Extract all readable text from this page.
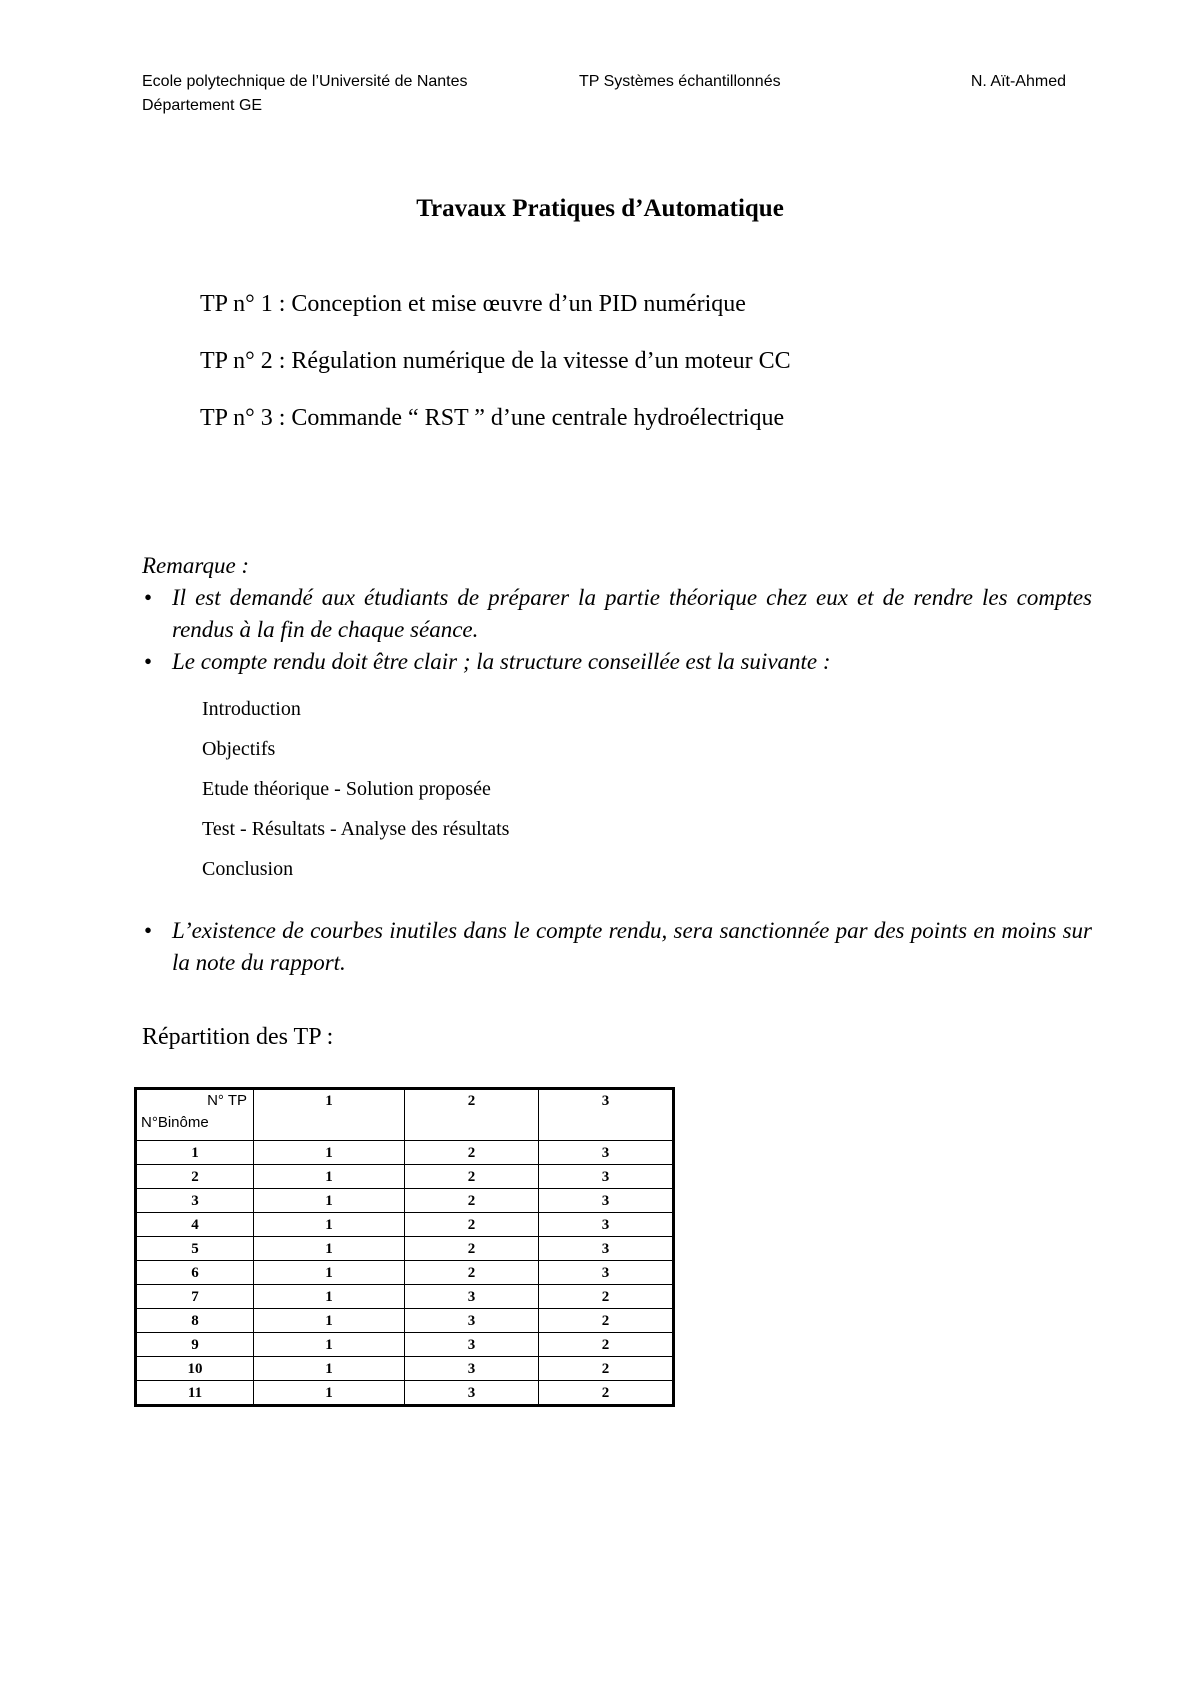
Ecole polytechnique de l’Université de Nantes	TP Systèmes échantillonnés	N. Aït-Ahmed
Département GE
Travaux Pratiques d’Automatique
TP n° 1 : Conception et mise œuvre d’un PID numérique
TP n° 2 : Régulation numérique de la vitesse d’un moteur CC
TP n° 3 : Commande “ RST ” d’une centrale hydroélectrique
Remarque :
• Il est demandé aux étudiants de préparer la partie théorique chez eux et de rendre les comptes rendus à la fin de chaque séance.
• Le compte rendu doit être clair ; la structure conseillée est la suivante :
Introduction
Objectifs
Etude théorique - Solution proposée
Test - Résultats - Analyse des résultats
Conclusion
• L’existence de courbes inutiles dans le compte rendu, sera sanctionnée par des points en moins sur la note du rapport.
Répartition des TP :
N° TP
N°Binôme	1	2	3
1	1	2	3
2	1	2	3
3	1	2	3
4	1	2	3
5	1	2	3
6	1	2	3
7	1	3	2
8	1	3	2
9	1	3	2
10	1	3	2
11	1	3	2
